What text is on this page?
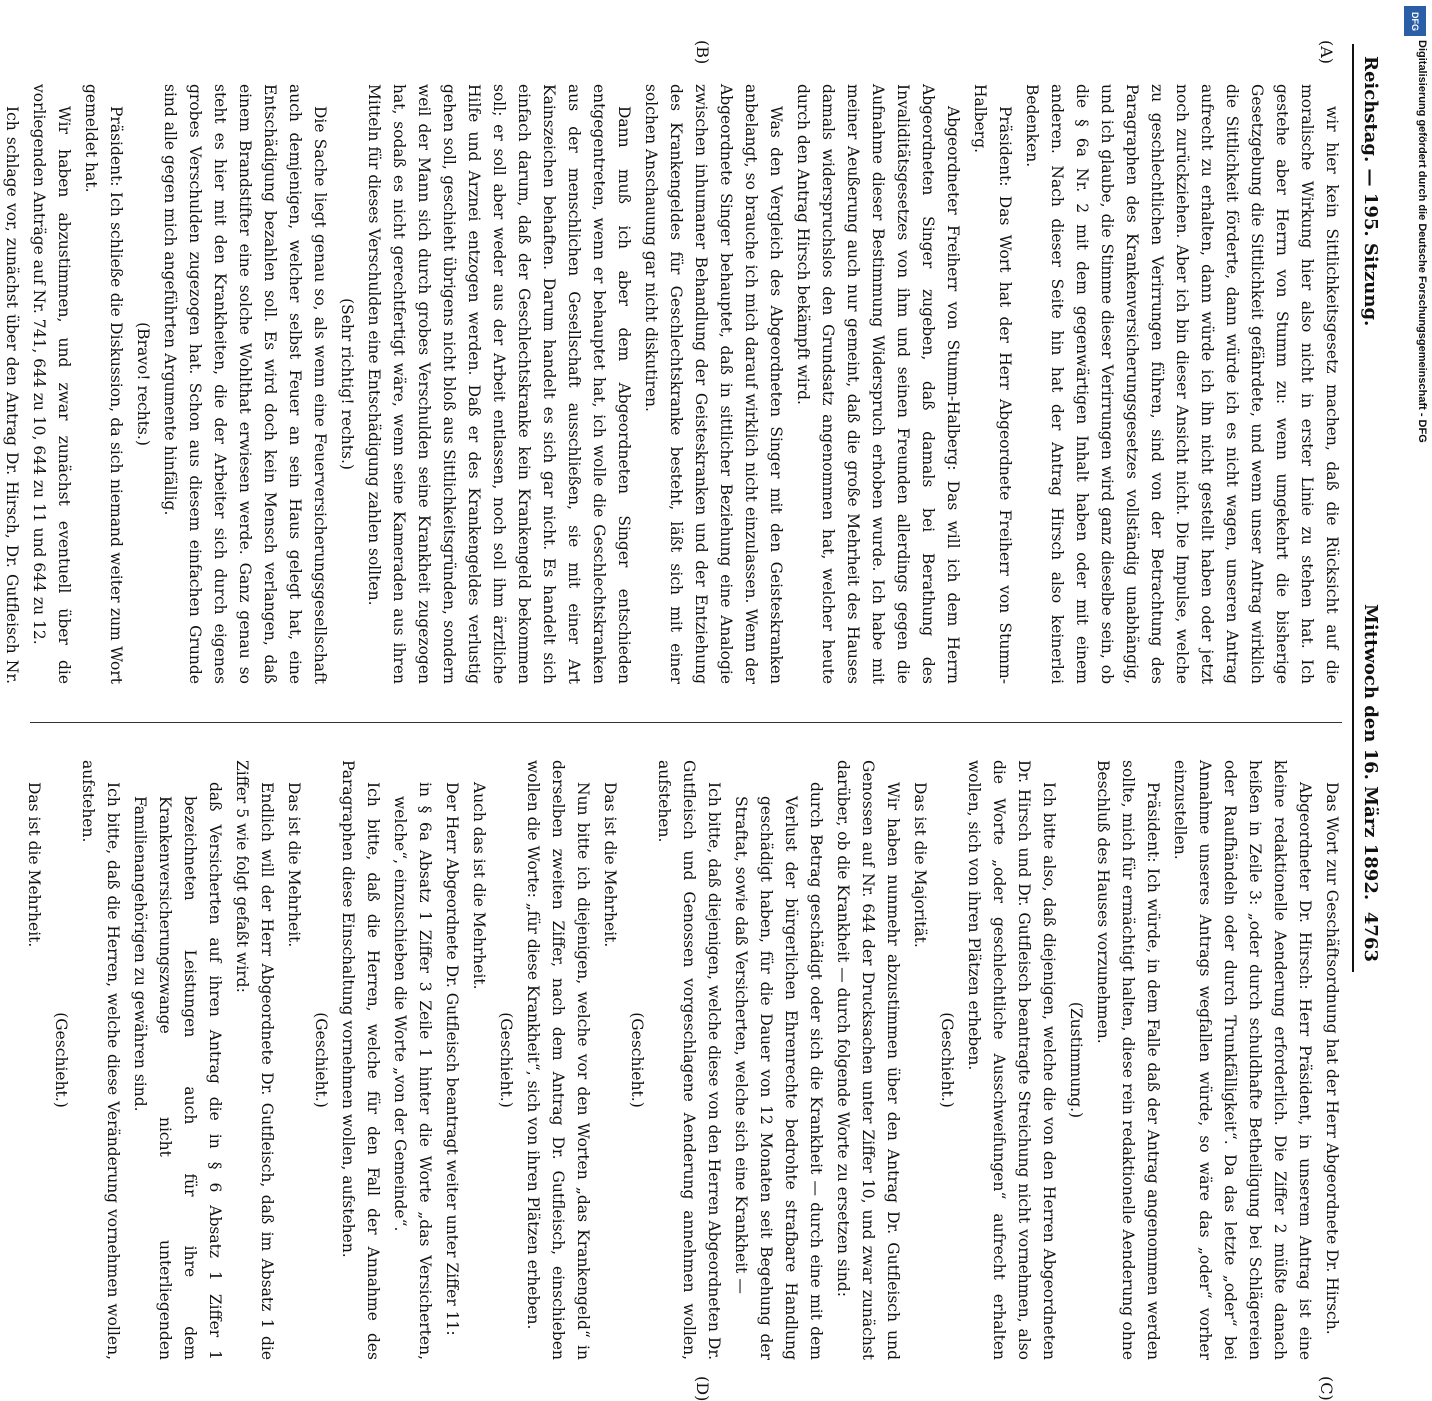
Reichstag. — 195. Sitzung.
Mittwoch den 16. März 1892.
4763
(A)
(B)
(C)
(D)

wir hier kein Sittlichkeitsgesetz machen, daß die Rücksicht auf die moralische Wirkung hier also nicht in erster Linie zu stehen hat. Ich gestehe aber Herrn von Stumm zu: wenn umgekehrt die bisherige Gesetzgebung die Sittlichkeit gefährdete, und wenn unser Antrag wirklich die Sittlichkeit förderte, dann würde ich es nicht wagen, unseren Antrag aufrecht zu erhalten, dann würde ich ihn nicht gestellt haben oder jetzt noch zurückziehen. Aber ich bin dieser Ansicht nicht. Die Impulse, welche zu geschlechtlichen Verirrungen führen, sind von der Betrachtung des Paragraphen des Krankenversicherungsgesetzes vollständig unabhängig, und ich glaube, die Stimme dieser Verirrungen wird ganz dieselbe sein, ob die § 6a Nr. 2 mit dem gegenwärtigen Inhalt haben oder mit einem anderen. Nach dieser Seite hin hat der Antrag Hirsch also keinerlei Bedenken.

Präsident: Das Wort hat der Herr Abgeordnete Freiherr von Stumm-Halberg.

Abgeordneter Freiherr von Stumm-Halberg: Das will ich dem Herrn Abgeordneten Singer zugeben, daß damals bei Berathung des Invaliditätsgesetzes von ihm und seinen Freunden allerdings gegen die Aufnahme dieser Bestimmung Widerspruch erhoben wurde. Ich habe mit meiner Aeußerung auch nur gemeint, daß die große Mehrheit des Hauses damals widerspruchslos den Grundsatz angenommen hat, welcher heute durch den Antrag Hirsch bekämpft wird.

Was den Vergleich des Abgeordneten Singer mit den Geisteskranken anbelangt, so brauche ich mich darauf wirklich nicht einzulassen. Wenn der Abgeordnete Singer behauptet, daß in sittlicher Beziehung eine Analogie zwischen inhumaner Behandlung der Geisteskranken und der Entziehung des Krankengeldes für Geschlechtskranke besteht, läßt sich mit einer solchen Anschauung gar nicht diskutiren.

Dann muß ich aber dem Abgeordneten Singer entschieden entgegentreten, wenn er behauptet hat, ich wolle die Geschlechtskranken aus der menschlichen Gesellschaft ausschließen, sie mit einer Art Kainszeichen behaften. Darum handelt es sich gar nicht. Es handelt sich einfach darum, daß der Geschlechtskranke kein Krankengeld bekommen soll; er soll aber weder aus der Arbeit entlassen, noch soll ihm ärztliche Hilfe und Arznei entzogen werden. Daß er des Krankengeldes verlustig gehen soll, geschieht übrigens nicht bloß aus Sittlichkeitsgründen, sondern weil der Mann sich durch grobes Verschulden seine Krankheit zugezogen hat, sodaß es nicht gerechtfertigt wäre, wenn seine Kameraden aus ihren Mitteln für dieses Verschulden eine Entschädigung zahlen sollten.

(Sehr richtig! rechts.)

Die Sache liegt genau so, als wenn eine Feuerversicherungsgesellschaft auch demjenigen, welcher selbst Feuer an sein Haus gelegt hat, eine Entschädigung bezahlen soll. Es wird doch kein Mensch verlangen, daß einem Brandstifter eine solche Wohlthat erwiesen werde. Ganz genau so steht es hier mit den Krankheiten, die der Arbeiter sich durch eigenes grobes Verschulden zugezogen hat. Schon aus diesem einfachen Grunde sind alle gegen mich angeführten Argumente hinfällig.

(Bravo! rechts.)

Präsident: Ich schließe die Diskussion, da sich niemand weiter zum Wort gemeldet hat.

Wir haben abzustimmen, und zwar zunächst eventuell über die vorliegenden Anträge auf Nr. 741, 644 zu 10, 644 zu 11 und 644 zu 12.

Ich schlage vor, zunächst über den Antrag Dr. Hirsch, Dr. Gutfleisch Nr.

Das Wort zur Geschäftsordnung hat der Herr Abgeordnete Dr. Hirsch.

Abgeordneter Dr. Hirsch: Herr Präsident, in unserem Antrag ist eine kleine redaktionelle Aenderung erforderlich. Die Ziffer 2 müßte danach heißen in Zeile 3: „oder durch schuldhafte Betheiligung bei Schlägereien oder Raufhändeln oder durch Trunkfälligkeit“. Da das letzte „oder“ bei Annahme unseres Antrags wegfallen würde, so wäre das „oder“ vorher einzustellen.

Präsident: Ich würde, in dem Falle daß der Antrag angenommen werden sollte, mich für ermächtigt halten, diese rein redaktionelle Aenderung ohne Beschluß des Hauses vorzunehmen.

(Zustimmung.)

Ich bitte also, daß diejenigen, welche die von den Herren Abgeordneten Dr. Hirsch und Dr. Gutfleisch beantragte Streichung nicht vornehmen, also die Worte „oder geschlechtliche Ausschweifungen“ aufrecht erhalten wollen, sich von ihren Plätzen erheben.

(Geschieht.)

Das ist die Majorität.

Wir haben nunmehr abzustimmen über den Antrag Dr. Gutfleisch und Genossen auf Nr. 644 der Drucksachen unter Ziffer 10, und zwar zunächst darüber, ob die Krankheit — durch folgende Worte zu ersetzen sind:

durch Betrag geschädigt oder sich die Krankheit — durch eine mit dem Verlust der bürgerlichen Ehrenrechte bedrohte strafbare Handlung geschädigt haben, für die Dauer von 12 Monaten seit Begehung der Straftat, sowie daß Versicherten, welche sich eine Krankheit —

Ich bitte, daß diejenigen, welche diese von den Herren Abgeordneten Dr. Gutfleisch und Genossen vorgeschlagene Aenderung annehmen wollen, aufstehen.

(Geschieht.)

Das ist die Mehrheit.

Nun bitte ich diejenigen, welche vor den Worten „das Krankengeld“ in derselben zweiten Ziffer, nach dem Antrag Dr. Gutfleisch, einschieben wollen die Worte: „für diese Krankheit“, sich von ihren Plätzen erheben.

(Geschieht.)

Auch das ist die Mehrheit.

Der Herr Abgeordnete Dr. Gutfleisch beantragt weiter unter Ziffer 11:

in § 6a Absatz 1 Ziffer 3 Zeile 1 hinter die Worte „das Versicherten, welche“, einzuschieben die Worte „von der Gemeinde“.

Ich bitte, daß die Herren, welche für den Fall der Annahme des Paragraphen diese Einschaltung vornehmen wollen, aufstehen.

(Geschieht.)

Das ist die Mehrheit.

Endlich will der Herr Abgeordnete Dr. Gutfleisch, daß im Absatz 1 die Ziffer 5 wie folgt gefaßt wird:

daß Versicherten auf ihren Antrag die in § 6 Absatz 1 Ziffer 1 bezeichneten Leistungen auch für ihre dem Krankenversicherungszwange nicht unterliegenden Familienangehörigen zu gewähren sind.

Ich bitte, daß die Herren, welche diese Veränderung vornehmen wollen, aufstehen.

(Geschieht.)

Das ist die Mehrheit.

DFG
Digitalisierung gefördert durch die Deutsche Forschungsgemeinschaft - DFG
